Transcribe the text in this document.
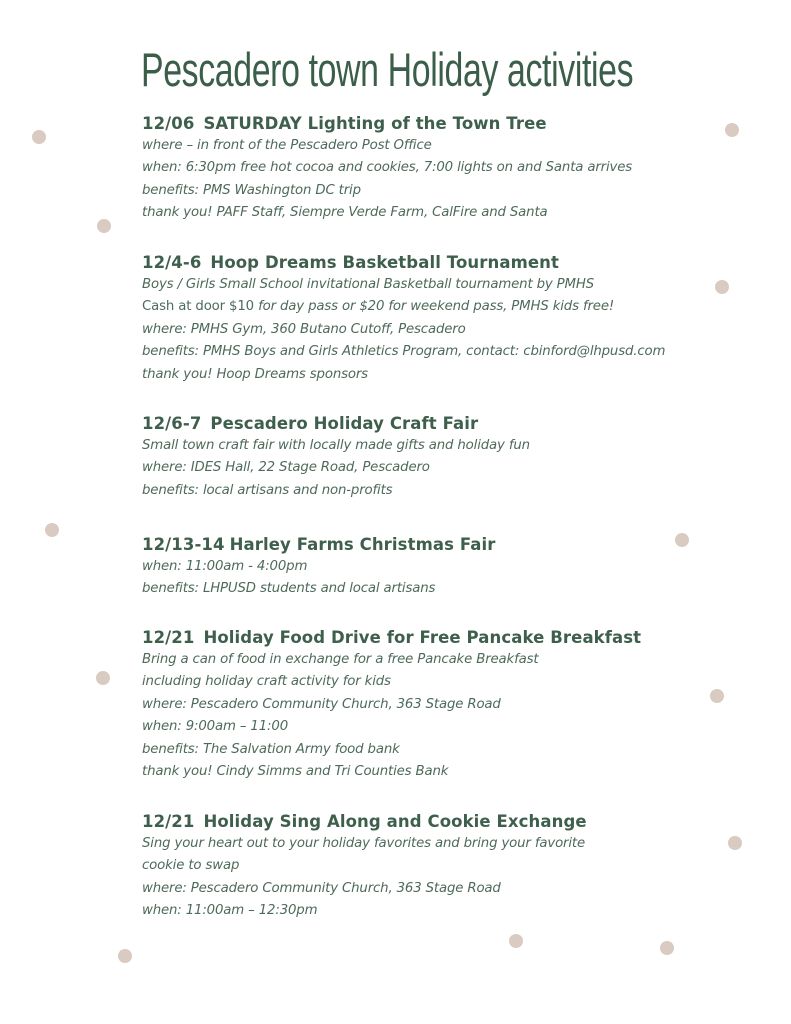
Pescadero town Holiday activities
12/06 SATURDAY Lighting of the Town Tree

where – in front of the Pescadero Post Office

when: 6:30pm free hot cocoa and cookies, 7:00 lights on and Santa arrives

benefits: PMS Washington DC trip

thank you! PAFF Staff, Siempre Verde Farm, CalFire and Santa

12/4-6 Hoop Dreams Basketball Tournament

Boys / Girls Small School invitational Basketball tournament by PMHS

Cash at door $10 for day pass or $20 for weekend pass, PMHS kids free!

where: PMHS Gym, 360 Butano Cutoff, Pescadero

benefits: PMHS Boys and Girls Athletics Program, contact: cbinford@lhpusd.com

thank you! Hoop Dreams sponsors

12/6-7 Pescadero Holiday Craft Fair

Small town craft fair with locally made gifts and holiday fun

where: IDES Hall, 22 Stage Road, Pescadero

benefits: local artisans and non-profits

12/13-14 Harley Farms Christmas Fair

when: 11:00am - 4:00pm

benefits: LHPUSD students and local artisans

12/21 Holiday Food Drive for Free Pancake Breakfast

Bring a can of food in exchange for a free Pancake Breakfast

including holiday craft activity for kids

where: Pescadero Community Church, 363 Stage Road

when: 9:00am – 11:00

benefits: The Salvation Army food bank

thank you! Cindy Simms and Tri Counties Bank

12/21 Holiday Sing Along and Cookie Exchange

Sing your heart out to your holiday favorites and bring your favorite

cookie to swap

where: Pescadero Community Church, 363 Stage Road

when: 11:00am – 12:30pm
